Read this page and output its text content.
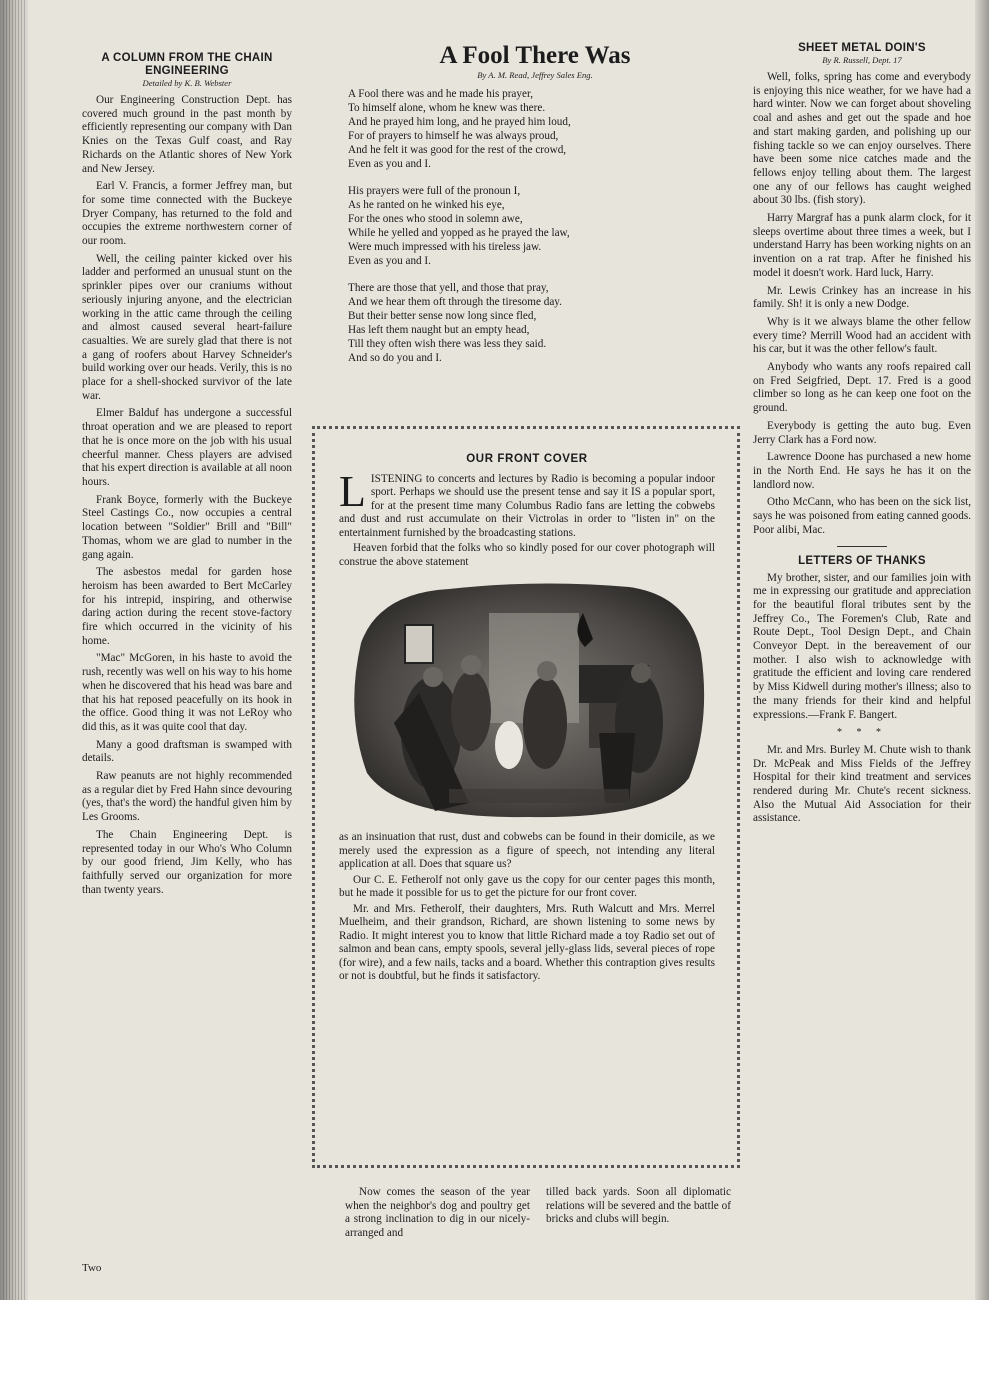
A COLUMN FROM THE CHAIN ENGINEERING
Detailed by K. B. Webster

Our Engineering Construction Dept. has covered much ground in the past month by efficiently representing our company with Dan Knies on the Texas Gulf coast, and Ray Richards on the Atlantic shores of New York and New Jersey.

Earl V. Francis, a former Jeffrey man, but for some time connected with the Buckeye Dryer Company, has returned to the fold and occupies the extreme northwestern corner of our room.

Well, the ceiling painter kicked over his ladder and performed an unusual stunt on the sprinkler pipes over our craniums without seriously injuring anyone, and the electrician working in the attic came through the ceiling and almost caused several heart-failure casualties. We are surely glad that there is not a gang of roofers about Harvey Schneider's build working over our heads. Verily, this is no place for a shell-shocked survivor of the late war.

Elmer Balduf has undergone a successful throat operation and we are pleased to report that he is once more on the job with his usual cheerful manner. Chess players are advised that his expert direction is available at all noon hours.

Frank Boyce, formerly with the Buckeye Steel Castings Co., now occupies a central location between "Soldier" Brill and "Bill" Thomas, whom we are glad to number in the gang again.

The asbestos medal for garden hose heroism has been awarded to Bert McCarley for his intrepid, inspiring, and otherwise daring action during the recent stove-factory fire which occurred in the vicinity of his home.

"Mac" McGoren, in his haste to avoid the rush, recently was well on his way to his home when he discovered that his head was bare and that his hat reposed peacefully on its hook in the office. Good thing it was not LeRoy who did this, as it was quite cool that day.

Many a good draftsman is swamped with details.

Raw peanuts are not highly recommended as a regular diet by Fred Hahn since devouring (yes, that's the word) the handful given him by Les Grooms.

The Chain Engineering Dept. is represented today in our Who's Who Column by our good friend, Jim Kelly, who has faithfully served our organization for more than twenty years.

Two
A Fool There Was
By A. M. Read, Jeffrey Sales Eng.
A Fool there was and he made his prayer,
To himself alone, whom he knew was there.
And he prayed him long, and he prayed him loud,
For of prayers to himself he was always proud,
And he felt it was good for the rest of the crowd,
Even as you and I.
His prayers were full of the pronoun I,
As he ranted on he winked his eye,
For the ones who stood in solemn awe,
While he yelled and yopped as he prayed the law,
Were much impressed with his tireless jaw.
Even as you and I.
There are those that yell, and those that pray,
And we hear them oft through the tiresome day.
But their better sense now long since fled,
Has left them naught but an empty head,
Till they often wish there was less they said.
And so do you and I.
OUR FRONT COVER

LISTENING to concerts and lectures by Radio is becoming a popular indoor sport. Perhaps we should use the present tense and say it IS a popular sport, for at the present time many Columbus Radio fans are letting the cobwebs and dust and rust accumulate on their Victrolas in order to "listen in" on the entertainment furnished by the broadcasting stations.

Heaven forbid that the folks who so kindly posed for our cover photograph will construe the above statement

as an insinuation that rust, dust and cobwebs can be found in their domicile, as we merely used the expression as a figure of speech, not intending any literal application at all. Does that square us?

Our C. E. Fetherolf not only gave us the copy for our center pages this month, but he made it possible for us to get the picture for our front cover.

Mr. and Mrs. Fetherolf, their daughters, Mrs. Ruth Walcutt and Mrs. Merrel Muelheim, and their grandson, Richard, are shown listening to some news by Radio. It might interest you to know that little Richard made a toy Radio set out of salmon and bean cans, empty spools, several jelly-glass lids, several pieces of rope (for wire), and a few nails, tacks and a board. Whether this contraption gives results or not is doubtful, but he finds it satisfactory.

Now comes the season of the year when the neighbor's dog and poultry get a strong inclination to dig in our nicely-arranged and

tilled back yards. Soon all diplomatic relations will be severed and the battle of bricks and clubs will begin.

SHEET METAL DOIN'S
By R. Russell, Dept. 17

Well, folks, spring has come and everybody is enjoying this nice weather, for we have had a hard winter. Now we can forget about shoveling coal and ashes and get out the spade and hoe and start making garden, and polishing up our fishing tackle so we can enjoy ourselves. There have been some nice catches made and the fellows enjoy telling about them. The largest one any of our fellows has caught weighed about 30 lbs. (fish story).

Harry Margraf has a punk alarm clock, for it sleeps overtime about three times a week, but I understand Harry has been working nights on an invention on a rat trap. After he finished his model it doesn't work. Hard luck, Harry.

Mr. Lewis Crinkey has an increase in his family. Sh! it is only a new Dodge.

Why is it we always blame the other fellow every time? Merrill Wood had an accident with his car, but it was the other fellow's fault.

Anybody who wants any roofs repaired call on Fred Seigfried, Dept. 17. Fred is a good climber so long as he can keep one foot on the ground.

Everybody is getting the auto bug. Even Jerry Clark has a Ford now.

Lawrence Doone has purchased a new home in the North End. He says he has it on the landlord now.

Otho McCann, who has been on the sick list, says he was poisoned from eating canned goods. Poor alibi, Mac.

LETTERS OF THANKS

My brother, sister, and our families join with me in expressing our gratitude and appreciation for the beautiful floral tributes sent by the Jeffrey Co., The Foremen's Club, Rate and Route Dept., Tool Design Dept., and Chain Conveyor Dept. in the bereavement of our mother. I also wish to acknowledge with gratitude the efficient and loving care rendered by Miss Kidwell during mother's illness; also to the many friends for their kind and helpful expressions.—Frank F. Bangert.

* * *

Mr. and Mrs. Burley M. Chute wish to thank Dr. McPeak and Miss Fields of the Jeffrey Hospital for their kind treatment and services rendered during Mr. Chute's recent sickness. Also the Mutual Aid Association for their assistance.
